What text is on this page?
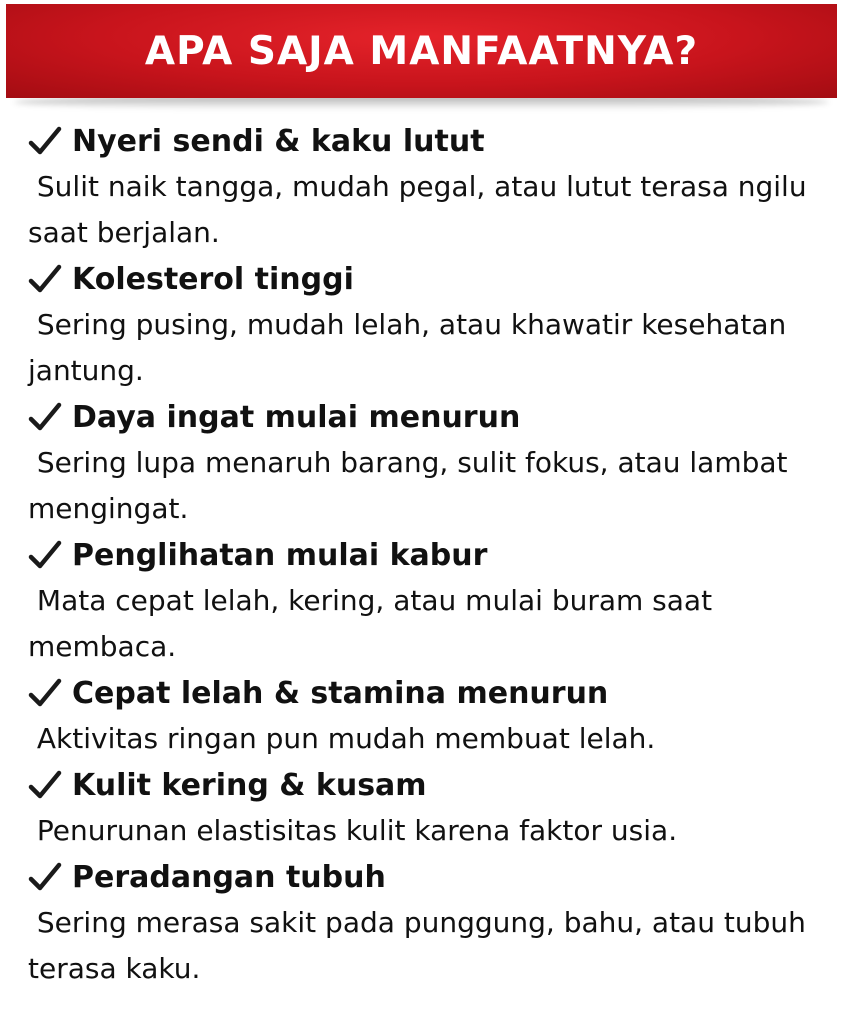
APA SAJA MANFAATNYA?
Nyeri sendi & kaku lutut

Sulit naik tangga, mudah pegal, atau lutut terasa ngilu saat berjalan.

Kolesterol tinggi

Sering pusing, mudah lelah, atau khawatir kesehatan jantung.

Daya ingat mulai menurun

Sering lupa menaruh barang, sulit fokus, atau lambat mengingat.

Penglihatan mulai kabur

Mata cepat lelah, kering, atau mulai buram saat membaca.

Cepat lelah & stamina menurun

Aktivitas ringan pun mudah membuat lelah.

Kulit kering & kusam

Penurunan elastisitas kulit karena faktor usia.

Peradangan tubuh

Sering merasa sakit pada punggung, bahu, atau tubuh terasa kaku.
